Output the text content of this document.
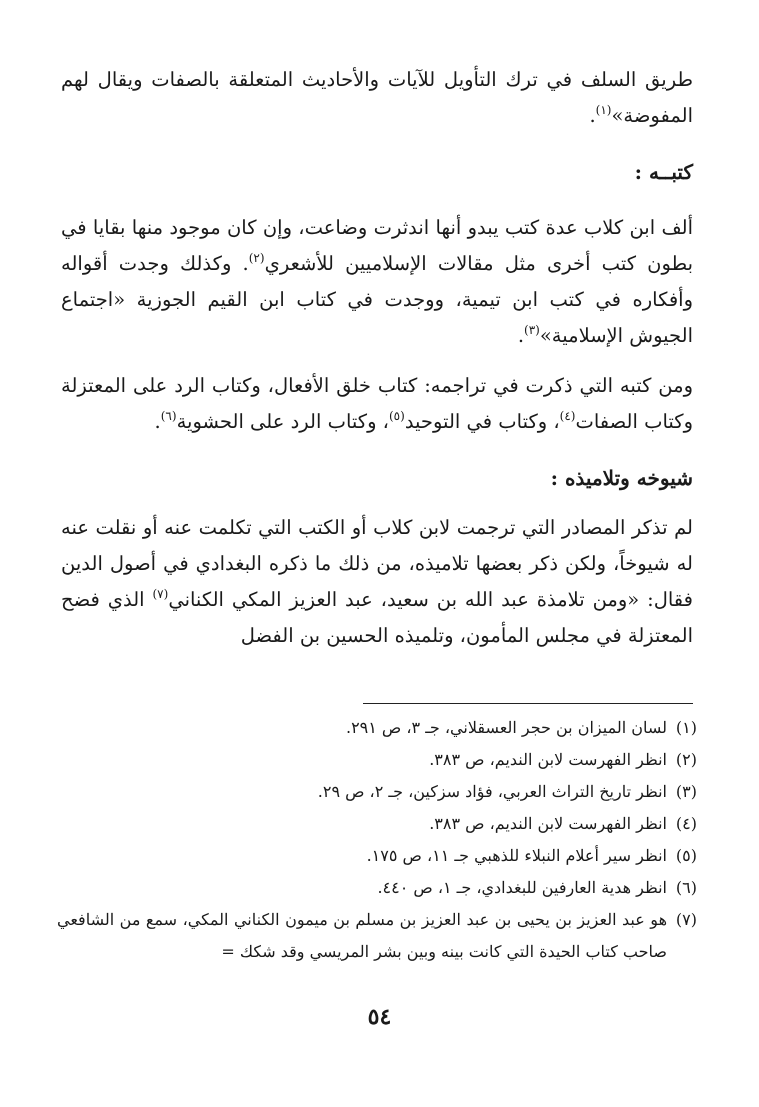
طريق السلف في ترك التأويل للآيات والأحاديث المتعلقة بالصفات ويقال لهم المفوضة»$^{(١)}$.

كتبــه :

ألف ابن كلاب عدة كتب يبدو أنها اندثرت وضاعت، وإن كان موجود منها بقايا في بطون كتب أخرى مثل مقالات الإسلاميين للأشعري$^{(٢)}$. وكذلك وجدت أقواله وأفكاره في كتب ابن تيمية، ووجدت في كتاب ابن القيم الجوزية «اجتماع الجيوش الإسلامية»$^{(٣)}$.

ومن كتبه التي ذكرت في تراجمه: كتاب خلق الأفعال، وكتاب الرد على المعتزلة وكتاب الصفات$^{(٤)}$، وكتاب في التوحيد$^{(٥)}$، وكتاب الرد على الحشوية$^{(٦)}$.

شيوخه وتلاميذه :

لم تذكر المصادر التي ترجمت لابن كلاب أو الكتب التي تكلمت عنه أو نقلت عنه له شيوخاً، ولكن ذكر بعضها تلاميذه، من ذلك ما ذكره البغدادي في أصول الدين فقال: «ومن تلامذة عبد الله بن سعيد، عبد العزيز المكي الكناني$^{(٧)}$ الذي فضح المعتزلة في مجلس المأمون، وتلميذه الحسين بن الفضل

(١)
لسان الميزان بن حجر العسقلاني، جـ ٣، ص ٢٩١.

(٢)
انظر الفهرست لابن النديم، ص ٣٨٣.

(٣)
انظر تاريخ التراث العربي، فؤاد سزكين، جـ ٢، ص ٢٩.

(٤)
انظر الفهرست لابن النديم، ص ٣٨٣.

(٥)
انظر سير أعلام النبلاء للذهبي جـ ١١، ص ١٧٥.

(٦)
انظر هدية العارفين للبغدادي، جـ ١، ص ٤٤٠.

(٧)
هو عبد العزيز بن يحيى بن عبد العزيز بن مسلم بن ميمون الكناني المكي، سمع من الشافعي صاحب كتاب الحيدة التي كانت بينه وبين بشر المريسي وقد شكك =

٥٤
